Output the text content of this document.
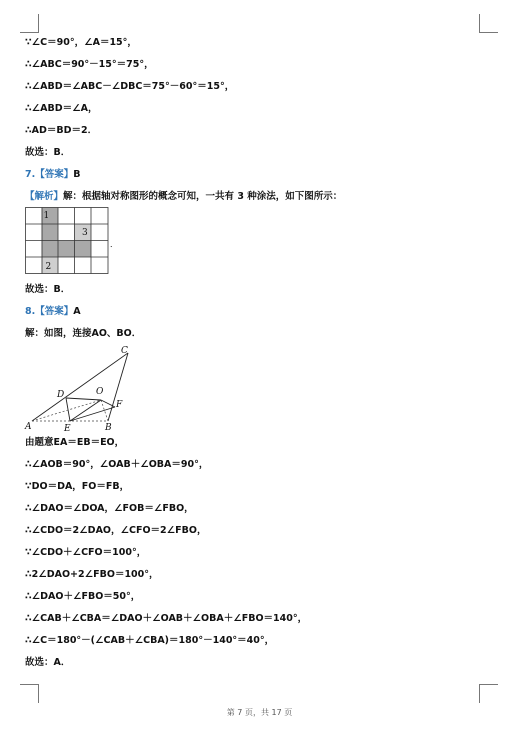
∵∠C＝90°，∠A＝15°，
∴∠ABC＝90°－15°＝75°，
∴∠ABD＝∠ABC－∠DBC＝75°－60°＝15°，
∴∠ABD＝∠A，
∴AD＝BD＝2．
故选：B．
7.【答案】B
【解析】解：根据轴对称图形的概念可知，一共有 3 种涂法，如下图所示：
1
3
2
．
故选：B．
8.【答案】A
解：如图，连接AO、BO．
C
D	O
F
A	E	B
由题意EA＝EB＝EO，
∴∠AOB＝90°，∠OAB＋∠OBA＝90°，
∵DO＝DA，FO＝FB，
∴∠DAO＝∠DOA，∠FOB＝∠FBO，
∴∠CDO＝2∠DAO，∠CFO＝2∠FBO，
∵∠CDO＋∠CFO＝100°，
∴2∠DAO+2∠FBO＝100°，
∴∠DAO＋∠FBO＝50°，
∴∠CAB＋∠CBA＝∠DAO＋∠OAB＋∠OBA＋∠FBO＝140°，
∴∠C＝180°－(∠CAB＋∠CBA)＝180°－140°＝40°，
故选：A．
第 7 页，共 17 页
